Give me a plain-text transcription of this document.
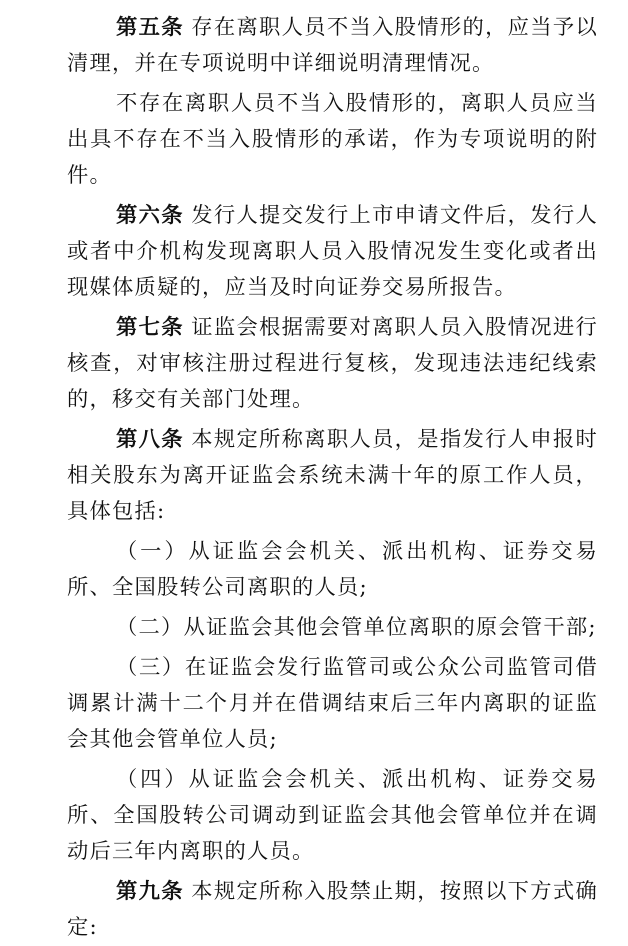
第五条 存在离职人员不当入股情形的，应当予以清理，并在专项说明中详细说明清理情况。

不存在离职人员不当入股情形的，离职人员应当出具不存在不当入股情形的承诺，作为专项说明的附件。

第六条 发行人提交发行上市申请文件后，发行人或者中介机构发现离职人员入股情况发生变化或者出现媒体质疑的，应当及时向证券交易所报告。

第七条 证监会根据需要对离职人员入股情况进行核查，对审核注册过程进行复核，发现违法违纪线索的，移交有关部门处理。

第八条 本规定所称离职人员，是指发行人申报时相关股东为离开证监会系统未满十年的原工作人员，具体包括:

（一）从证监会会机关、派出机构、证券交易所、全国股转公司离职的人员;

（二）从证监会其他会管单位离职的原会管干部;

（三）在证监会发行监管司或公众公司监管司借调累计满十二个月并在借调结束后三年内离职的证监会其他会管单位人员;

（四）从证监会会机关、派出机构、证券交易所、全国股转公司调动到证监会其他会管单位并在调动后三年内离职的人员。

第九条 本规定所称入股禁止期，按照以下方式确定:
